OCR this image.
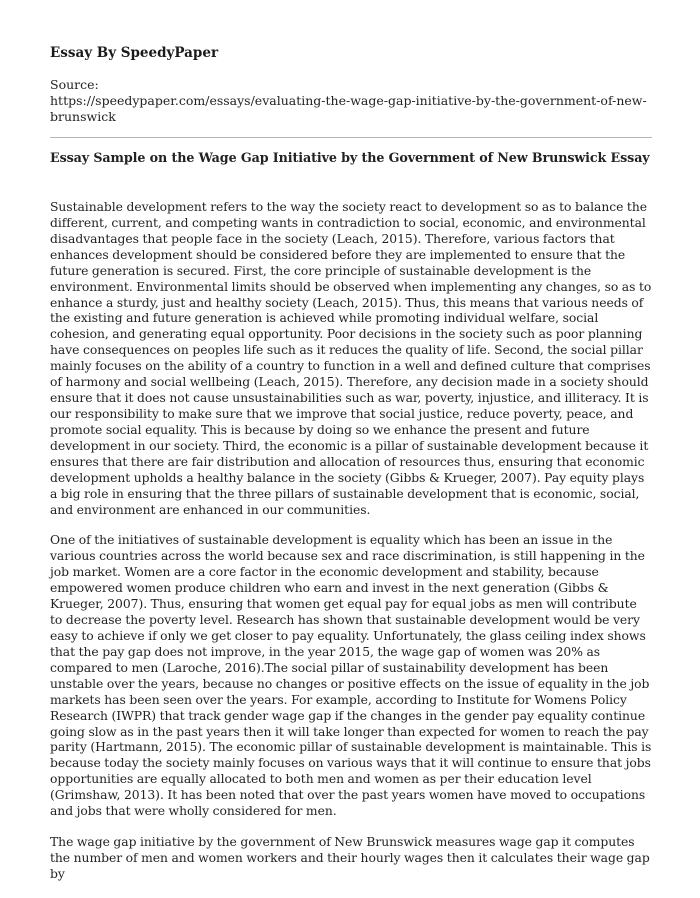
Essay By SpeedyPaper
Source:
https://speedypaper.com/essays/evaluating-the-wage-gap-initiative-by-the-government-of-new-brunswick
Essay Sample on the Wage Gap Initiative by the Government of New Brunswick Essay

Sustainable development refers to the way the society react to development so as to balance the different, current, and competing wants in contradiction to social, economic, and environmental disadvantages that people face in the society (Leach, 2015). Therefore, various factors that enhances development should be considered before they are implemented to ensure that the future generation is secured. First, the core principle of sustainable development is the environment. Environmental limits should be observed when implementing any changes, so as to enhance a sturdy, just and healthy society (Leach, 2015). Thus, this means that various needs of the existing and future generation is achieved while promoting individual welfare, social cohesion, and generating equal opportunity. Poor decisions in the society such as poor planning have consequences on peoples life such as it reduces the quality of life. Second, the social pillar mainly focuses on the ability of a country to function in a well and defined culture that comprises of harmony and social wellbeing (Leach, 2015). Therefore, any decision made in a society should ensure that it does not cause unsustainabilities such as war, poverty, injustice, and illiteracy. It is our responsibility to make sure that we improve that social justice, reduce poverty, peace, and promote social equality. This is because by doing so we enhance the present and future development in our society. Third, the economic is a pillar of sustainable development because it ensures that there are fair distribution and allocation of resources thus, ensuring that economic development upholds a healthy balance in the society (Gibbs & Krueger, 2007). Pay equity plays a big role in ensuring that the three pillars of sustainable development that is economic, social, and environment are enhanced in our communities.

One of the initiatives of sustainable development is equality which has been an issue in the various countries across the world because sex and race discrimination, is still happening in the job market. Women are a core factor in the economic development and stability, because empowered women produce children who earn and invest in the next generation (Gibbs & Krueger, 2007). Thus, ensuring that women get equal pay for equal jobs as men will contribute to decrease the poverty level. Research has shown that sustainable development would be very easy to achieve if only we get closer to pay equality. Unfortunately, the glass ceiling index shows that the pay gap does not improve, in the year 2015, the wage gap of women was 20% as compared to men (Laroche, 2016).The social pillar of sustainability development has been unstable over the years, because no changes or positive effects on the issue of equality in the job markets has been seen over the years. For example, according to Institute for Womens Policy Research (IWPR) that track gender wage gap if the changes in the gender pay equality continue going slow as in the past years then it will take longer than expected for women to reach the pay parity (Hartmann, 2015). The economic pillar of sustainable development is maintainable. This is because today the society mainly focuses on various ways that it will continue to ensure that jobs opportunities are equally allocated to both men and women as per their education level (Grimshaw, 2013). It has been noted that over the past years women have moved to occupations and jobs that were wholly considered for men.

The wage gap initiative by the government of New Brunswick measures wage gap it computes the number of men and women workers and their hourly wages then it calculates their wage gap by
